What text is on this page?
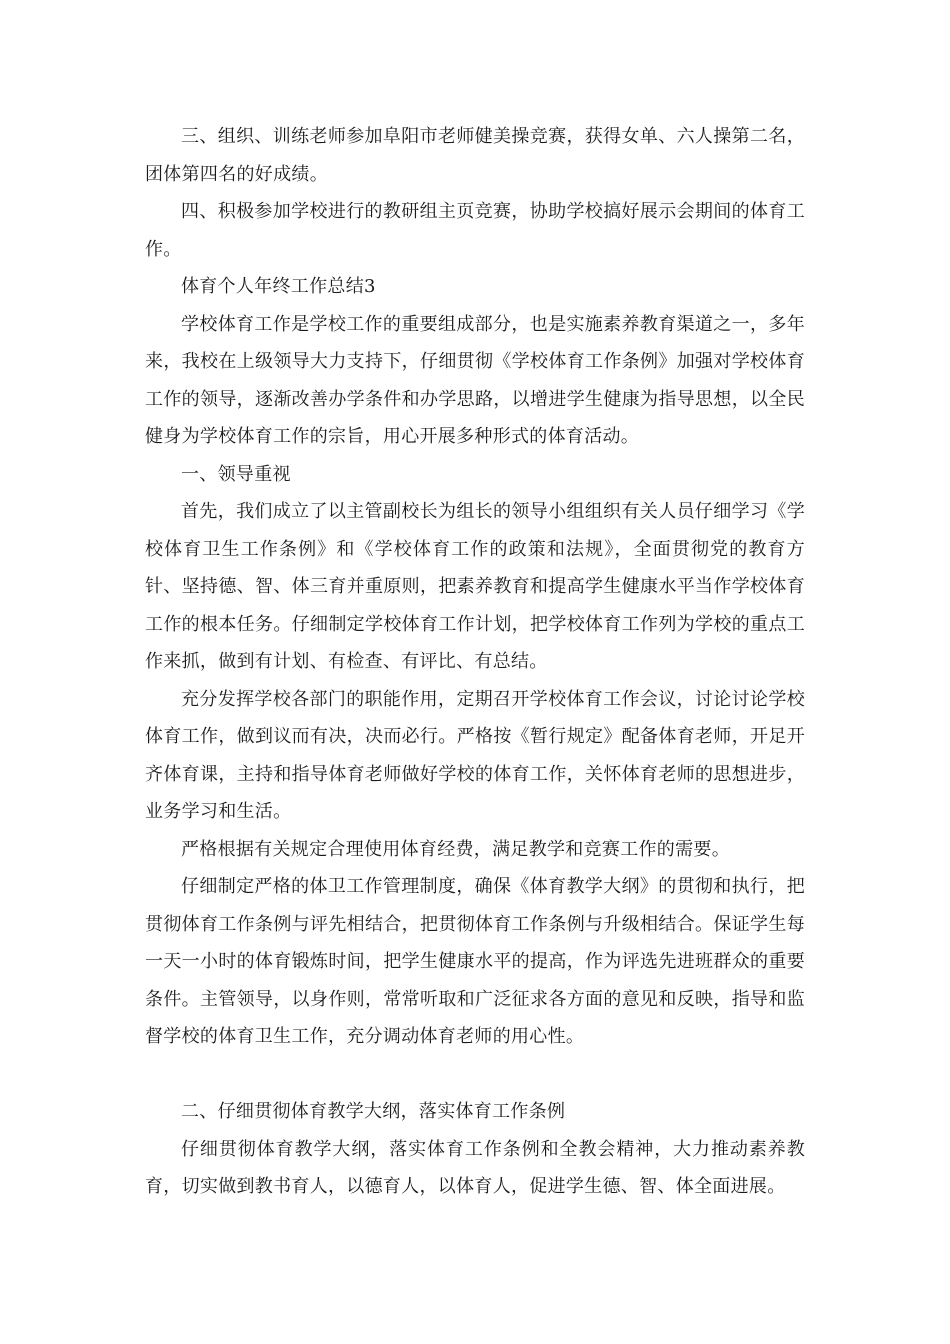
三、组织、训练老师参加阜阳市老师健美操竞赛，获得女单、六人操第二名，团体第四名的好成绩。

四、积极参加学校进行的教研组主页竞赛，协助学校搞好展示会期间的体育工作。

体育个人年终工作总结3

学校体育工作是学校工作的重要组成部分，也是实施素养教育渠道之一，多年来，我校在上级领导大力支持下，仔细贯彻《学校体育工作条例》加强对学校体育工作的领导，逐渐改善办学条件和办学思路，以增进学生健康为指导思想，以全民健身为学校体育工作的宗旨，用心开展多种形式的体育活动。

一、领导重视

首先，我们成立了以主管副校长为组长的领导小组组织有关人员仔细学习《学校体育卫生工作条例》和《学校体育工作的政策和法规》，全面贯彻党的教育方针、坚持德、智、体三育并重原则，把素养教育和提高学生健康水平当作学校体育工作的根本任务。仔细制定学校体育工作计划，把学校体育工作列为学校的重点工作来抓，做到有计划、有检查、有评比、有总结。

充分发挥学校各部门的职能作用，定期召开学校体育工作会议，讨论讨论学校体育工作，做到议而有决，决而必行。严格按《暂行规定》配备体育老师，开足开齐体育课，主持和指导体育老师做好学校的体育工作，关怀体育老师的思想进步，业务学习和生活。

严格根据有关规定合理使用体育经费，满足教学和竞赛工作的需要。

仔细制定严格的体卫工作管理制度，确保《体育教学大纲》的贯彻和执行，把贯彻体育工作条例与评先相结合，把贯彻体育工作条例与升级相结合。保证学生每一天一小时的体育锻炼时间，把学生健康水平的提高，作为评选先进班群众的重要条件。主管领导，以身作则，常常听取和广泛征求各方面的意见和反映，指导和监督学校的体育卫生工作，充分调动体育老师的用心性。

二、仔细贯彻体育教学大纲，落实体育工作条例

仔细贯彻体育教学大纲，落实体育工作条例和全教会精神，大力推动素养教育，切实做到教书育人，以德育人，以体育人，促进学生德、智、体全面进展。
